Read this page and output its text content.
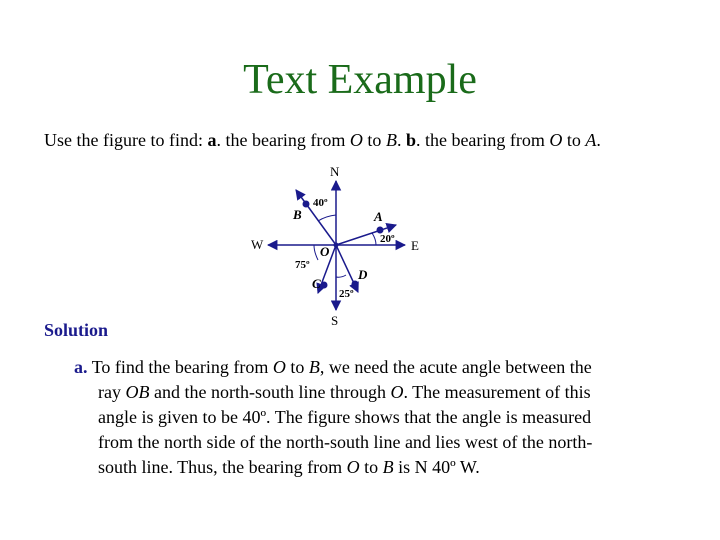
Text Example
Use the figure to find: a. the bearing from O to B. b. the bearing from O to A.
N
S
E
W	O
B	A
C
D
40º
20º
75º
25º
Solution
a. To find the bearing from O to B, we need the acute angle between the
ray OB and the north-south line through O. The measurement of this
angle is given to be 40º. The figure shows that the angle is measured
from the north side of the north-south line and lies west of the north-
south line. Thus, the bearing from O to B is N 40º W.
